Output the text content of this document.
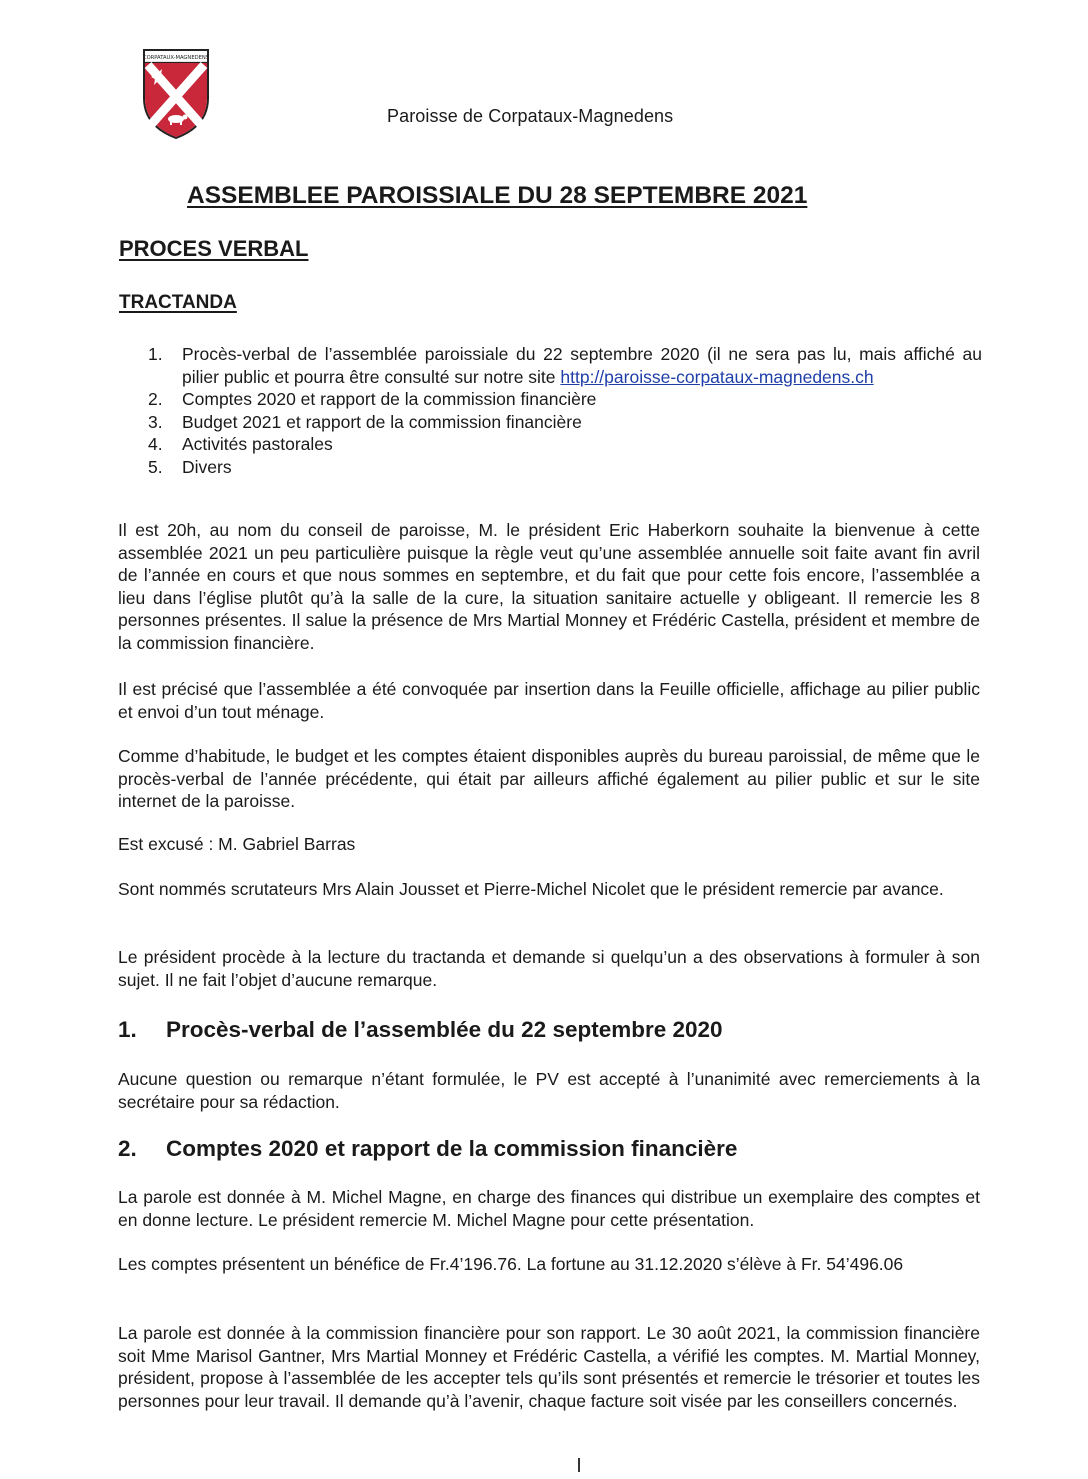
CORPATAUX-MAGNEDENS
Paroisse de Corpataux-Magnedens
ASSEMBLEE PAROISSIALE DU 28 SEPTEMBRE 2021
PROCES VERBAL
TRACTANDA
1. Procès-verbal de l’assemblée paroissiale du 22 septembre 2020 (il ne sera pas lu, mais affiché au pilier public et pourra être consulté sur notre site http://paroisse-corpataux-magnedens.ch
2. Comptes 2020 et rapport de la commission financière
3. Budget 2021 et rapport de la commission financière
4. Activités pastorales
5. Divers

Il est 20h, au nom du conseil de paroisse, M. le président Eric Haberkorn souhaite la bienvenue à cette assemblée 2021 un peu particulière puisque la règle veut qu’une assemblée annuelle soit faite avant fin avril de l’année en cours et que nous sommes en septembre, et du fait que pour cette fois encore, l’assemblée a lieu dans l’église plutôt qu’à la salle de la cure, la situation sanitaire actuelle y obligeant. Il remercie les 8 personnes présentes. Il salue la présence de Mrs Martial Monney et Frédéric Castella, président et membre de la commission financière.

Il est précisé que l’assemblée a été convoquée par insertion dans la Feuille officielle, affichage au pilier public et envoi d’un tout ménage.

Comme d’habitude, le budget et les comptes étaient disponibles auprès du bureau paroissial, de même que le procès-verbal de l’année précédente, qui était par ailleurs affiché également au pilier public et sur le site internet de la paroisse.

Est excusé : M. Gabriel Barras

Sont nommés scrutateurs Mrs Alain Jousset et Pierre-Michel Nicolet que le président remercie par avance.

Le président procède à la lecture du tractanda et demande si quelqu’un a des observations à formuler à son sujet. Il ne fait l’objet d’aucune remarque.

1. Procès-verbal de l’assemblée du 22 septembre 2020

Aucune question ou remarque n’étant formulée, le PV est accepté à l’unanimité avec remerciements à la secrétaire pour sa rédaction.

2. Comptes 2020 et rapport de la commission financière

La parole est donnée à M. Michel Magne, en charge des finances qui distribue un exemplaire des comptes et en donne lecture. Le président remercie M. Michel Magne pour cette présentation.

Les comptes présentent un bénéfice de Fr.4’196.76. La fortune au 31.12.2020 s’élève à Fr. 54’496.06

La parole est donnée à la commission financière pour son rapport. Le 30 août 2021, la commission financière soit Mme Marisol Gantner, Mrs Martial Monney et Frédéric Castella, a vérifié les comptes. M. Martial Monney, président, propose à l’assemblée de les accepter tels qu’ils sont présentés et remercie le trésorier et toutes les personnes pour leur travail. Il demande qu’à l’avenir, chaque facture soit visée par les conseillers concernés.
